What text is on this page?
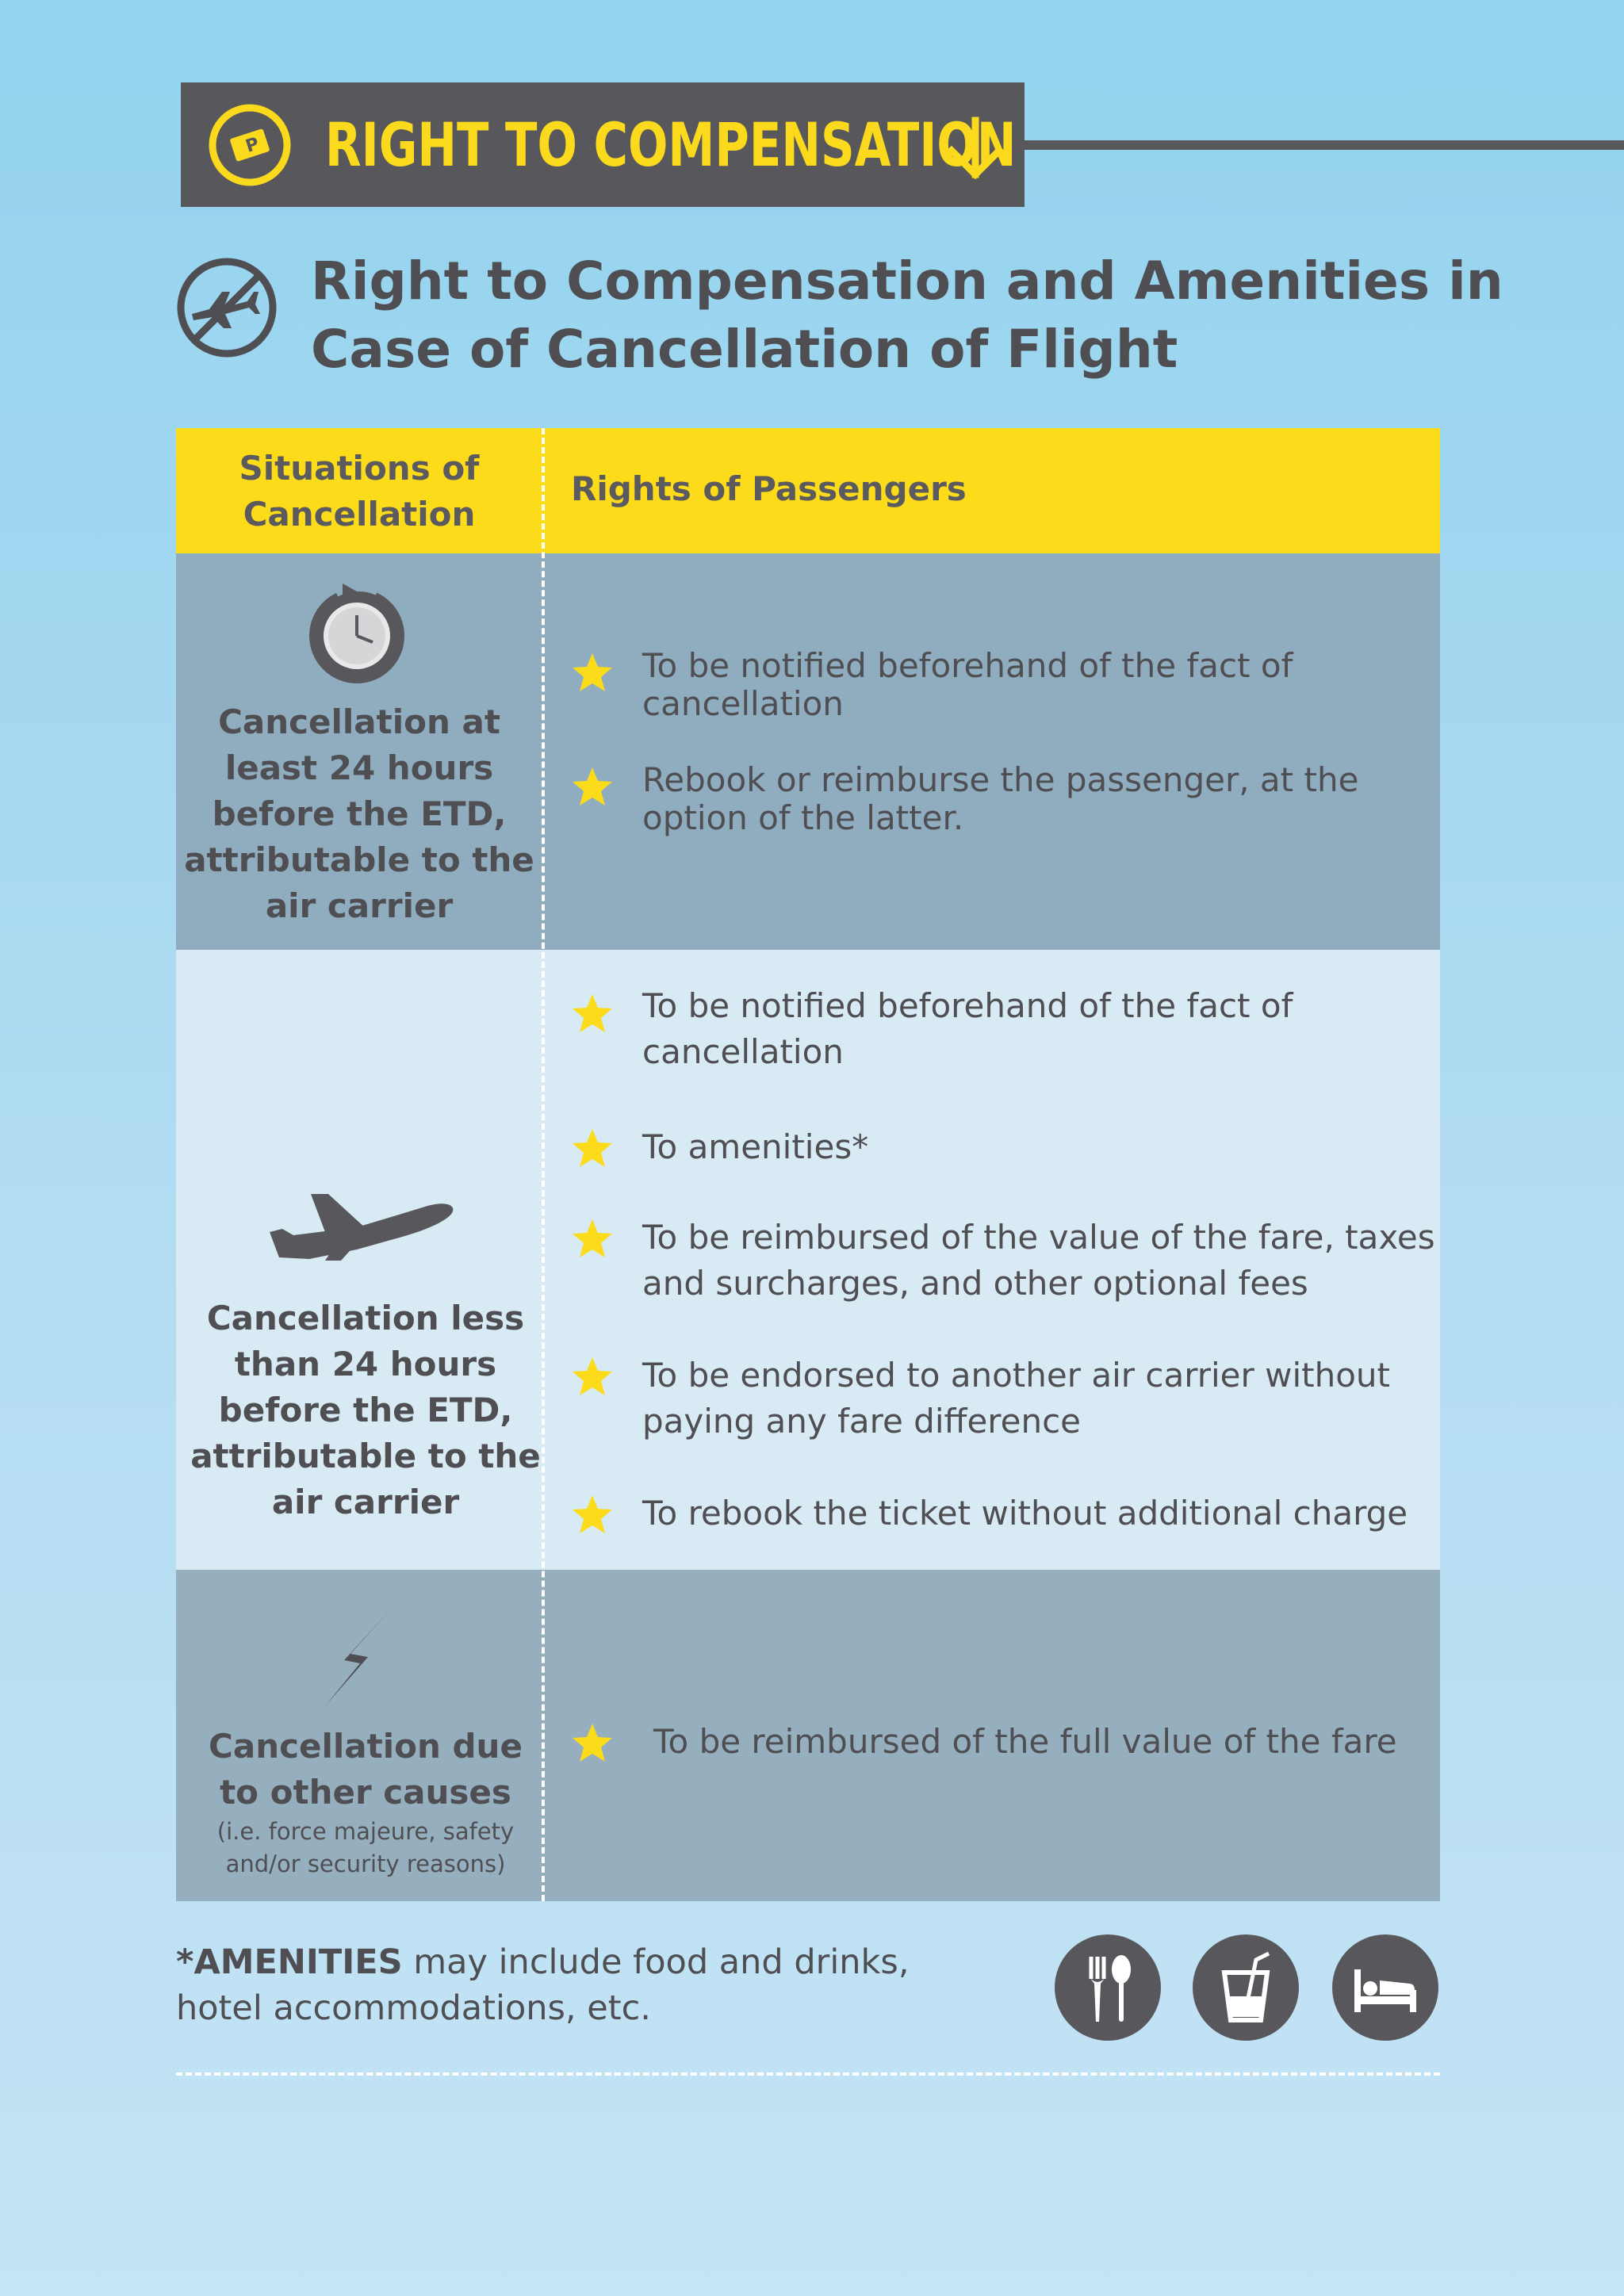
P RIGHT TO COMPENSATION
Right to Compensation and Amenities in
Case of Cancellation of Flight
Situations of
Cancellation
Rights of Passengers
Cancellation at
least 24 hours
before the ETD,
attributable to the
air carrier
To be notified beforehand of the fact of
cancellation
Rebook or reimburse the passenger, at the
option of the latter.
Cancellation less
than 24 hours
before the ETD,
attributable to the
air carrier
To be notified beforehand of the fact of
cancellation
To amenities*
To be reimbursed of the value of the fare, taxes
and surcharges, and other optional fees
To be endorsed to another air carrier without
paying any fare difference
To rebook the ticket without additional charge
Cancellation due
to other causes
(i.e. force majeure, safety
and/or security reasons)
To be reimbursed of the full value of the fare
*AMENITIES may include food and drinks,
hotel accommodations, etc.
